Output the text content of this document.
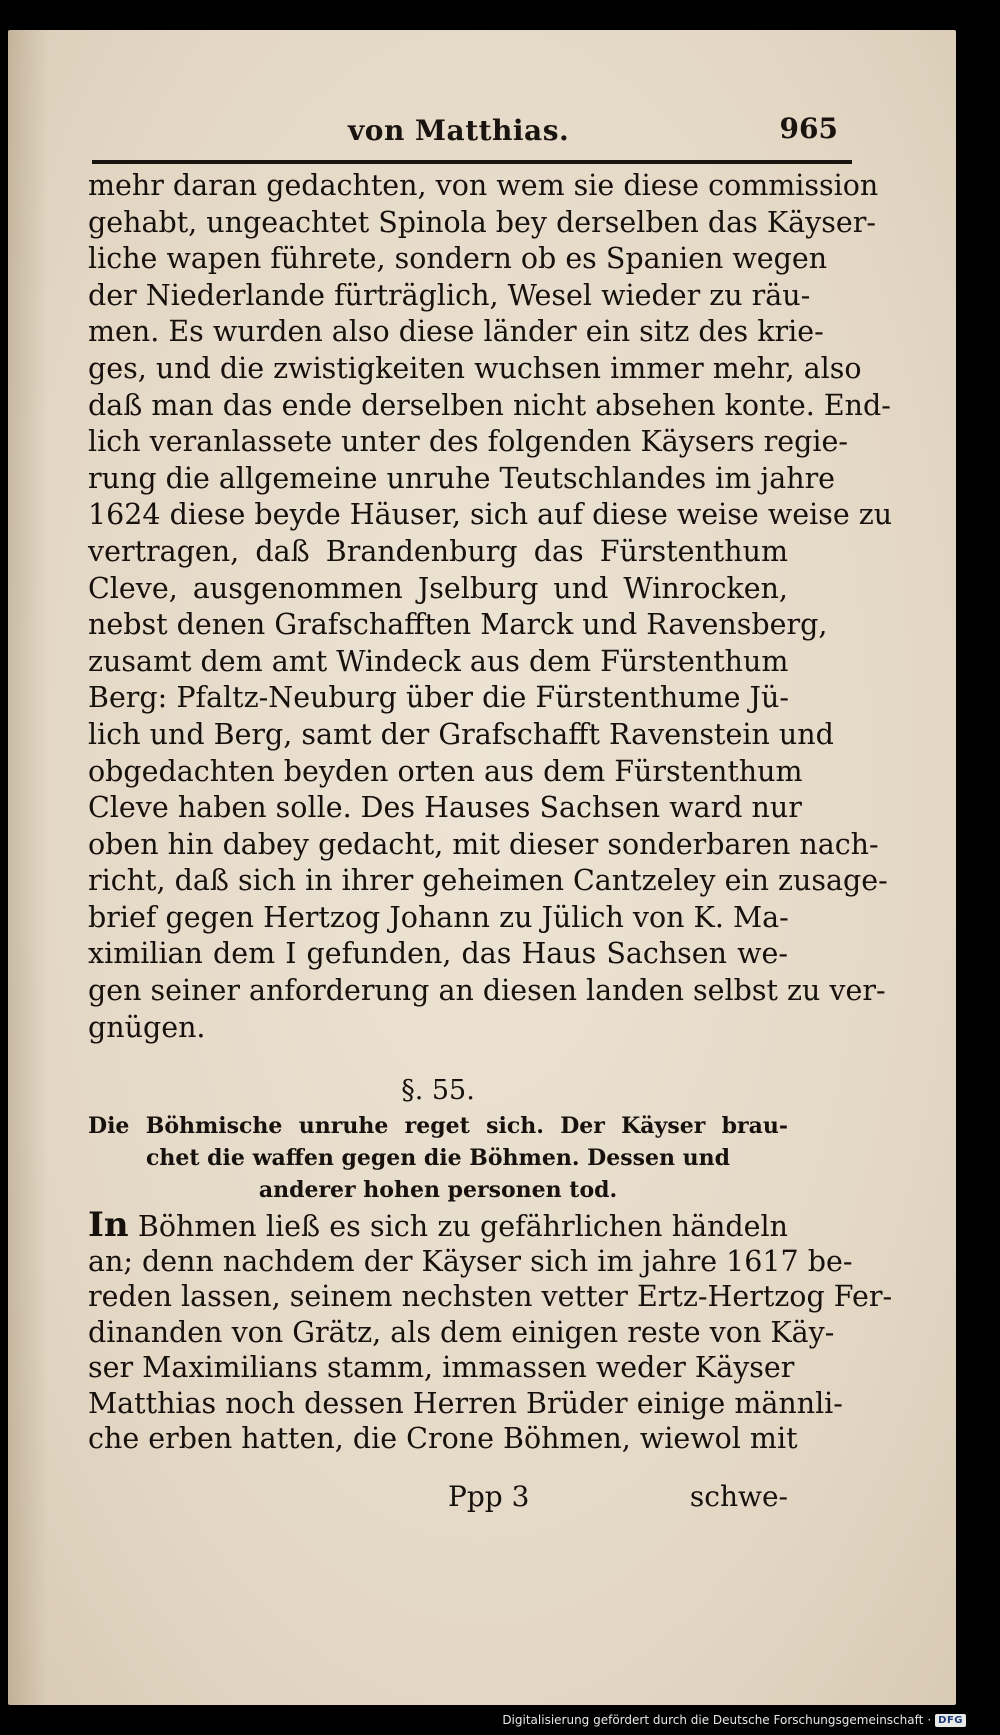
von Matthias.	965
mehr daran gedachten, von wem sie diese commission
gehabt, ungeachtet Spinola bey derselben das Käyser-
liche wapen führete, sondern ob es Spanien wegen
der Niederlande fürträglich, Wesel wieder zu räu-
men. Es wurden also diese länder ein sitz des krie-
ges, und die zwistigkeiten wuchsen immer mehr, also
daß man das ende derselben nicht absehen konte. End-
lich veranlassete unter des folgenden Käysers regie-
rung die allgemeine unruhe Teutschlandes im jahre
1624 diese beyde Häuser, sich auf diese weise weise zu
vertragen, daß Brandenburg das Fürstenthum
Cleve, ausgenommen Jselburg und Winrocken,
nebst denen Grafschafften Marck und Ravensberg,
zusamt dem amt Windeck aus dem Fürstenthum
Berg: Pfaltz-Neuburg über die Fürstenthume Jü-
lich und Berg, samt der Grafschafft Ravenstein und
obgedachten beyden orten aus dem Fürstenthum
Cleve haben solle. Des Hauses Sachsen ward nur
oben hin dabey gedacht, mit dieser sonderbaren nach-
richt, daß sich in ihrer geheimen Cantzeley ein zusage-
brief gegen Hertzog Johann zu Jülich von K. Ma-
ximilian dem I gefunden, das Haus Sachsen we-
gen seiner anforderung an diesen landen selbst zu ver-
gnügen.
§. 55.
Die Böhmische unruhe reget sich. Der Käyser brau-
chet die waffen gegen die Böhmen. Dessen und
anderer hohen personen tod.
In Böhmen ließ es sich zu gefährlichen händeln
an; denn nachdem der Käyser sich im jahre 1617 be-
reden lassen, seinem nechsten vetter Ertz-Hertzog Fer-
dinanden von Grätz, als dem einigen reste von Käy-
ser Maximilians stamm, immassen weder Käyser
Matthias noch dessen Herren Brüder einige männli-
che erben hatten, die Crone Böhmen, wiewol mit
Ppp 3	schwe-
Digitalisierung gefördert durch die Deutsche Forschungsgemeinschaft · DFG
